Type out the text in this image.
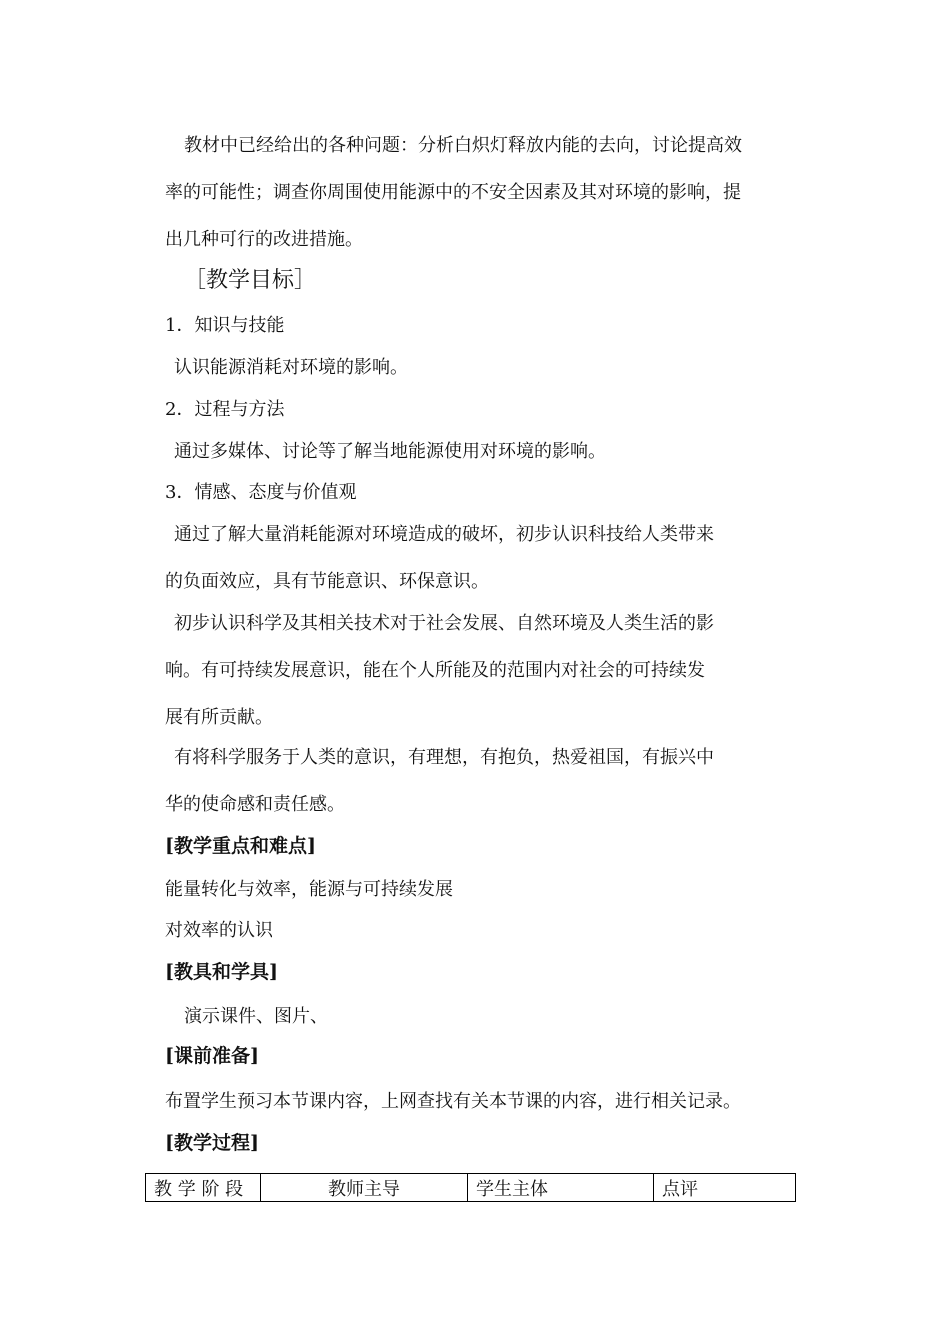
教材中已经给出的各种问题：分析白炽灯释放内能的去向，讨论提高效
率的可能性；调查你周围使用能源中的不安全因素及其对环境的影响，提
出几种可行的改进措施。
［教学目标］
1．知识与技能
认识能源消耗对环境的影响。
2．过程与方法
通过多媒体、讨论等了解当地能源使用对环境的影响。
3．情感、态度与价值观
通过了解大量消耗能源对环境造成的破坏，初步认识科技给人类带来
的负面效应，具有节能意识、环保意识。
初步认识科学及其相关技术对于社会发展、自然环境及人类生活的影
响。有可持续发展意识，能在个人所能及的范围内对社会的可持续发
展有所贡献。
有将科学服务于人类的意识，有理想，有抱负，热爱祖国，有振兴中
华的使命感和责任感。
[教学重点和难点]
能量转化与效率，能源与可持续发展
对效率的认识
[教具和学具]
演示课件、图片、
[课前准备]
布置学生预习本节课内容，上网查找有关本节课的内容，进行相关记录。
[教学过程]
教 学 阶 段	教师主导	学生主体	点评
